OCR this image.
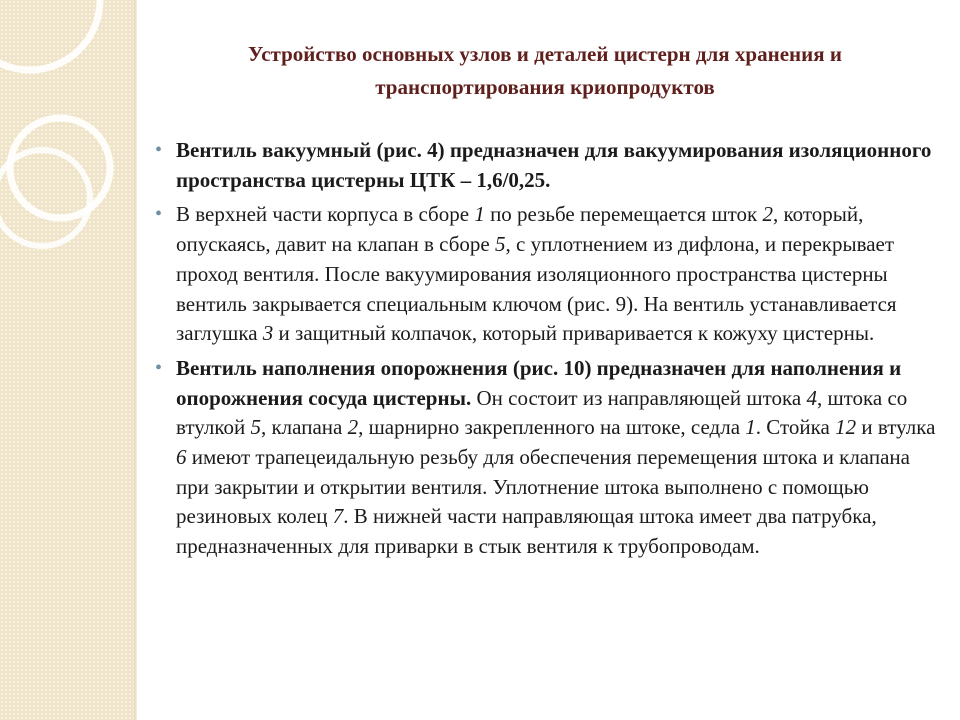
Устройство основных узлов и деталей цистерн для хранения и транспортирования криопродуктов
• Вентиль вакуумный (рис. 4) предназначен для вакуумирования изоляционного пространства цистерны ЦТК – 1,6/0,25.
• В верхней части корпуса в сборе 1 по резьбе перемещается шток 2, который, опускаясь, давит на клапан в сборе 5, с уплотнением из дифлона, и перекрывает проход вентиля. После вакуумирования изоляционного пространства цистерны вентиль закрывается специальным ключом (рис. 9). На вентиль устанавливается заглушка 3 и защитный колпачок, который приваривается к кожуху цистерны.
• Вентиль наполнения опорожнения (рис. 10) предназначен для наполнения и опорожнения сосуда цистерны. Он состоит из направляющей штока 4, штока со втулкой 5, клапана 2, шарнирно закрепленного на штоке, седла 1. Стойка 12 и втулка 6 имеют трапецеидальную резьбу для обеспечения перемещения штока и клапана при закрытии и открытии вентиля. Уплотнение штока выполнено с помощью резиновых колец 7. В нижней части направляющая штока имеет два патрубка, предназначенных для приварки в стык вентиля к трубопроводам.
